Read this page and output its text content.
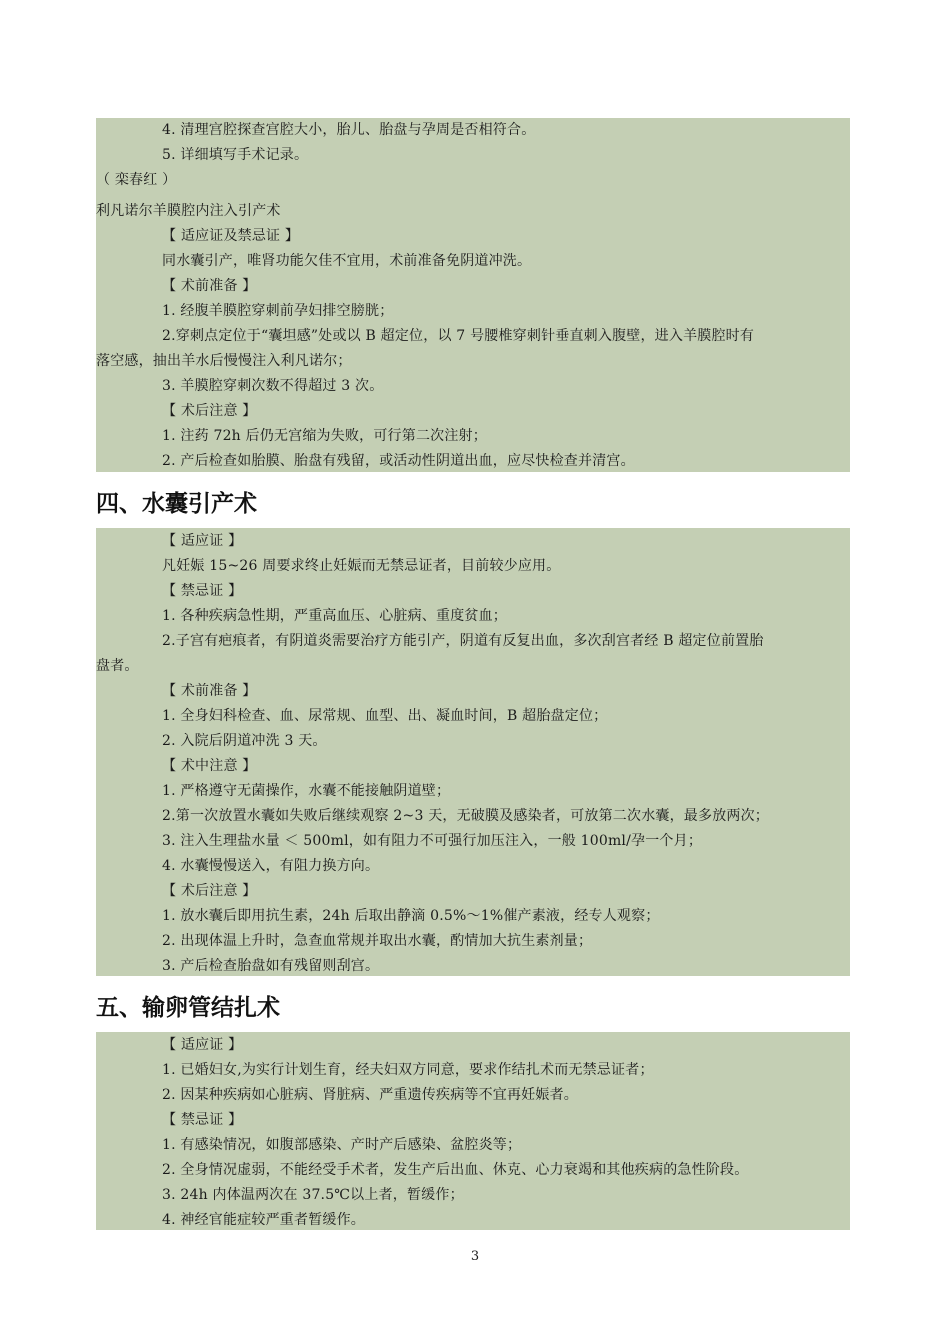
4. 清理宫腔探查宫腔大小，胎儿、胎盘与孕周是否相符合。
5. 详细填写手术记录。
（ 栾春红 ）
利凡诺尔羊膜腔内注入引产术
【 适应证及禁忌证 】
同水囊引产，唯肾功能欠佳不宜用，术前准备免阴道冲洗。
【 术前准备 】
1. 经腹羊膜腔穿刺前孕妇排空膀胱；
2.穿刺点定位于“囊坦感”处或以 B 超定位，以 7 号腰椎穿刺针垂直刺入腹壁，进入羊膜腔时有
落空感，抽出羊水后慢慢注入利凡诺尔；
3. 羊膜腔穿刺次数不得超过 3 次。
【 术后注意 】
1. 注药 72h 后仍无宫缩为失败，可行第二次注射；
2. 产后检查如胎膜、胎盘有残留，或活动性阴道出血，应尽快检查并清宫。
四、水囊引产术
【 适应证 】
凡妊娠 15~26 周要求终止妊娠而无禁忌证者，目前较少应用。
【 禁忌证 】
1. 各种疾病急性期，严重高血压、心脏病、重度贫血；
2.子宫有疤痕者，有阴道炎需要治疗方能引产，阴道有反复出血，多次刮宫者经 B 超定位前置胎
盘者。
【 术前准备 】
1. 全身妇科检查、血、尿常规、血型、出、凝血时间，B 超胎盘定位；
2. 入院后阴道冲洗 3 天。
【 术中注意 】
1. 严格遵守无菌操作，水囊不能接触阴道壁；
2.第一次放置水囊如失败后继续观察 2~3 天，无破膜及感染者，可放第二次水囊，最多放两次；
3. 注入生理盐水量 ＜ 500ml，如有阻力不可强行加压注入，一般 100ml/孕一个月；
4. 水囊慢慢送入，有阻力换方向。
【 术后注意 】
1. 放水囊后即用抗生素，24h 后取出静滴 0.5%～1%催产素液，经专人观察；
2. 出现体温上升时，急查血常规并取出水囊，酌情加大抗生素剂量；
3. 产后检查胎盘如有残留则刮宫。
五、输卵管结扎术
【 适应证 】
1. 已婚妇女,为实行计划生育，经夫妇双方同意，要求作结扎术而无禁忌证者；
2. 因某种疾病如心脏病、肾脏病、严重遗传疾病等不宜再妊娠者。
【 禁忌证 】
1. 有感染情况，如腹部感染、产时产后感染、盆腔炎等；
2. 全身情况虚弱，不能经受手术者，发生产后出血、休克、心力衰竭和其他疾病的急性阶段。
3. 24h 内体温两次在 37.5℃以上者，暂缓作；
4. 神经官能症较严重者暂缓作。
3
